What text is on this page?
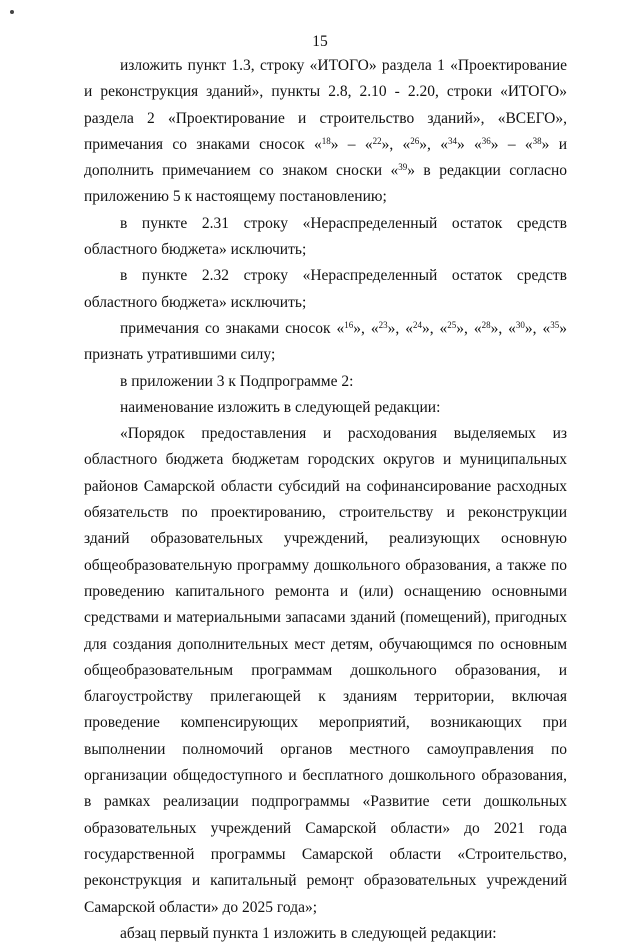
15

изложить пункт 1.3, строку «ИТОГО» раздела 1 «Проектирование и реконструкция зданий», пункты 2.8, 2.10 - 2.20, строки «ИТОГО» раздела 2 «Проектирование и строительство зданий», «ВСЕГО», примечания со знаками сносок «$^{18}$» – «$^{22}$», «$^{26}$», «$^{34}$» «$^{36}$» – «$^{38}$» и дополнить примечанием со знаком сноски «$^{39}$» в редакции согласно приложению 5 к настоящему постановлению;

в пункте 2.31 строку «Нераспределенный остаток средств областного бюджета» исключить;

в пункте 2.32 строку «Нераспределенный остаток средств областного бюджета» исключить;

примечания со знаками сносок «$^{16}$», «$^{23}$», «$^{24}$», «$^{25}$», «$^{28}$», «$^{30}$», «$^{35}$» признать утратившими силу;

в приложении 3 к Подпрограмме 2:

наименование изложить в следующей редакции:

«Порядок предоставления и расходования выделяемых из областного бюджета бюджетам городских округов и муниципальных районов Самарской области субсидий на софинансирование расходных обязательств по проектированию, строительству и реконструкции зданий образовательных учреждений, реализующих основную общеобразовательную программу дошкольного образования, а также по проведению капитального ремонта и (или) оснащению основными средствами и материальными запасами зданий (помещений), пригодных для создания дополнительных мест детям, обучающимся по основным общеобразовательным программам дошкольного образования, и благоустройству прилегающей к зданиям территории, включая проведение компенсирующих мероприятий, возникающих при выполнении полномочий органов местного самоуправления по организации общедоступного и бесплатного дошкольного образования, в рамках реализации подпрограммы «Развитие сети дошкольных образовательных учреждений Самарской области» до 2021 года государственной программы Самарской области «Строительство, реконструкция и капитальный ремонт образовательных учреждений Самарской области» до 2025 года»;

абзац первый пункта 1 изложить в следующей редакции:
